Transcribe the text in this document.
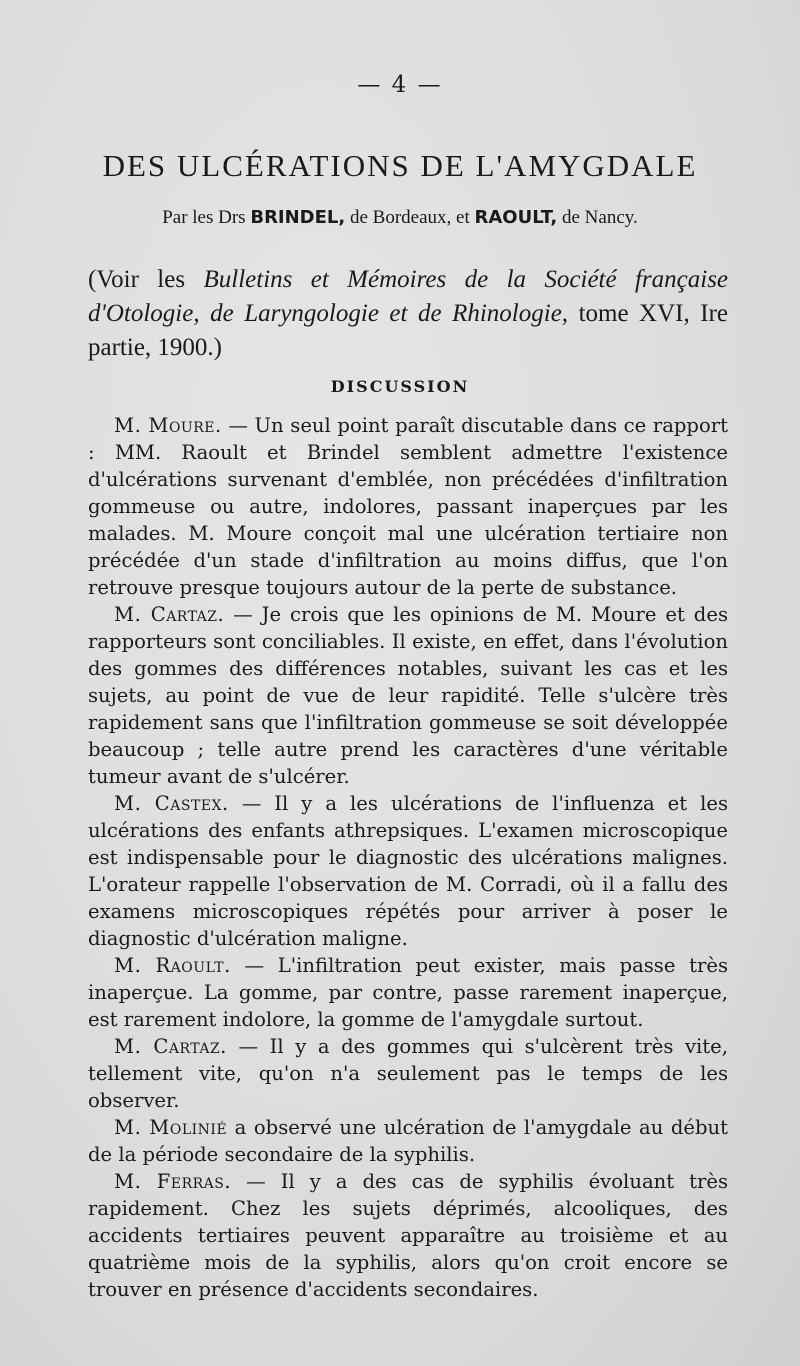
— 4 —
DES ULCÉRATIONS DE L'AMYGDALE
Par les Drs BRINDEL, de Bordeaux, et RAOULT, de Nancy.
(Voir les Bulletins et Mémoires de la Société française d'Otologie, de Laryngologie et de Rhinologie, tome XVI, Ire partie, 1900.)
DISCUSSION

M. Moure. — Un seul point paraît discutable dans ce rapport : MM. Raoult et Brindel semblent admettre l'existence d'ulcérations survenant d'emblée, non précédées d'infiltration gommeuse ou autre, indolores, passant inaperçues par les malades. M. Moure conçoit mal une ulcération tertiaire non précédée d'un stade d'infiltration au moins diffus, que l'on retrouve presque toujours autour de la perte de substance.

M. Cartaz. — Je crois que les opinions de M. Moure et des rapporteurs sont conciliables. Il existe, en effet, dans l'évolution des gommes des différences notables, suivant les cas et les sujets, au point de vue de leur rapidité. Telle s'ulcère très rapidement sans que l'infiltration gommeuse se soit développée beaucoup ; telle autre prend les caractères d'une véritable tumeur avant de s'ulcérer.

M. Castex. — Il y a les ulcérations de l'influenza et les ulcérations des enfants athrepsiques. L'examen microscopique est indispensable pour le diagnostic des ulcérations malignes. L'orateur rappelle l'observation de M. Corradi, où il a fallu des examens microscopiques répétés pour arriver à poser le diagnostic d'ulcération maligne.

M. Raoult. — L'infiltration peut exister, mais passe très inaperçue. La gomme, par contre, passe rarement inaperçue, est rarement indolore, la gomme de l'amygdale surtout.

M. Cartaz. — Il y a des gommes qui s'ulcèrent très vite, tellement vite, qu'on n'a seulement pas le temps de les observer.

M. Molinié a observé une ulcération de l'amygdale au début de la période secondaire de la syphilis.

M. Ferras. — Il y a des cas de syphilis évoluant très rapidement. Chez les sujets déprimés, alcooliques, des accidents tertiaires peuvent apparaître au troisième et au quatrième mois de la syphilis, alors qu'on croit encore se trouver en présence d'accidents secondaires.
